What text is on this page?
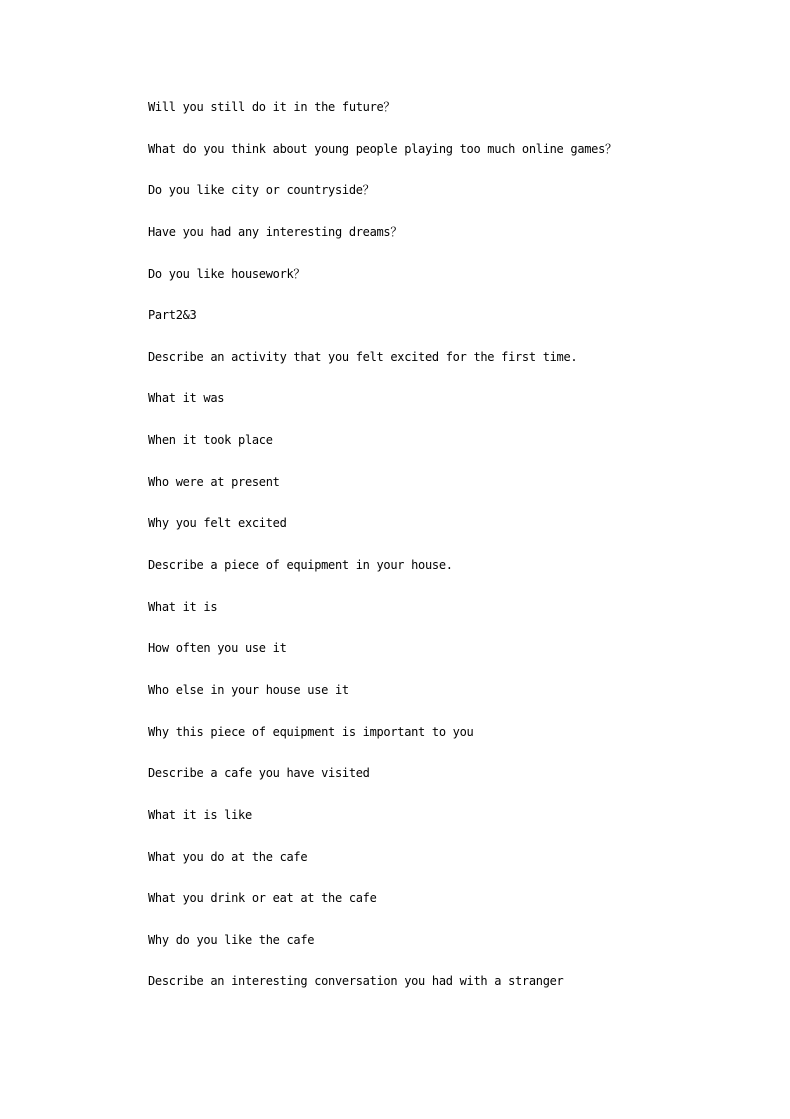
Will you still do it in the future？
What do you think about young people playing too much online games？
Do you like city or countryside？
Have you had any interesting dreams？
Do you like housework？
Part2&3
Describe an activity that you felt excited for the first time.
What it was
When it took place
Who were at present
Why you felt excited
Describe a piece of equipment in your house.
What it is
How often you use it
Who else in your house use it
Why this piece of equipment is important to you
Describe a cafe you have visited
What it is like
What you do at the cafe
What you drink or eat at the cafe
Why do you like the cafe
Describe an interesting conversation you had with a stranger
